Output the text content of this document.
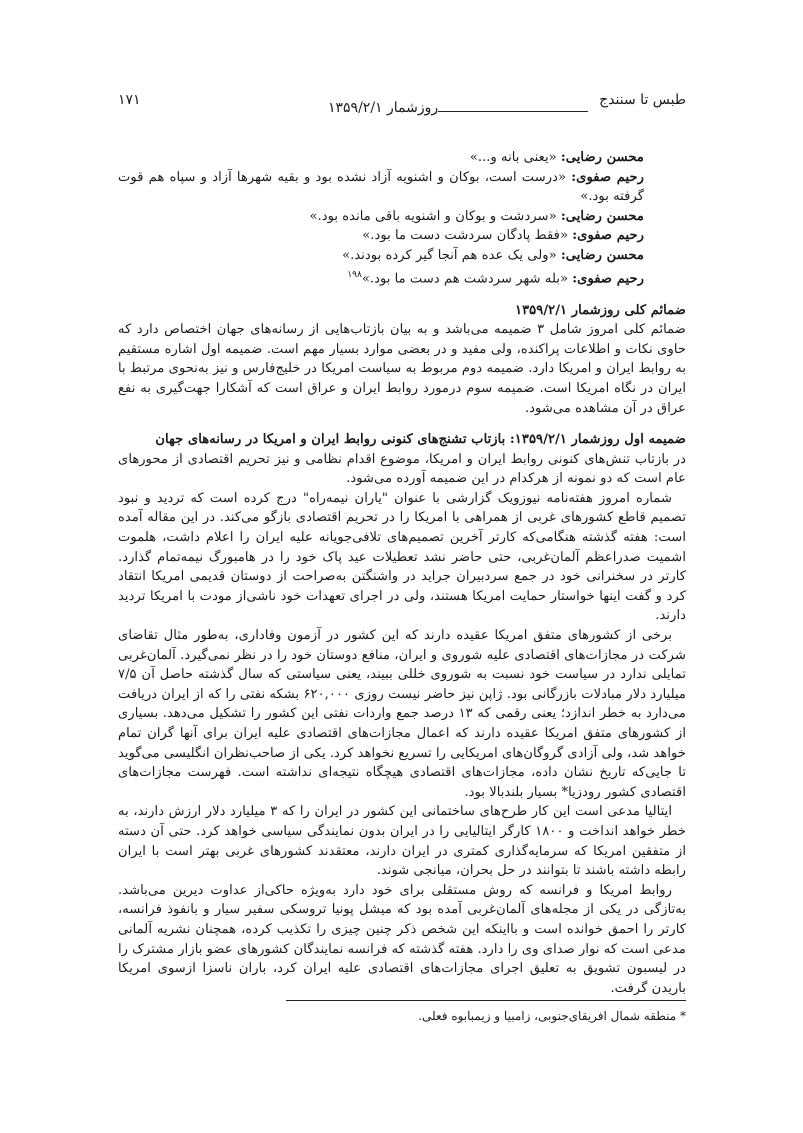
طبس تا سنندج
روزشمار ۱۳۵۹/۲/۱
۱۷۱
محسن رضایی: «یعنی بانه و...»
رحیم صفوی: «درست است، بوکان و اشنویه آزاد نشده بود و بقیه شهرها آزاد و سپاه هم قوت گرفته بود.»
محسن رضایی: «سردشت و بوکان و اشنویه باقی مانده بود.»
رحیم صفوی: «فقط پادگان سردشت دست ما بود.»
محسن رضایی: «ولی یک عده هم آنجا گیر کرده بودند.»
رحیم صفوی: «بله شهر سردشت هم دست ما بود.»$^{۱۹۸}$
ضمائم کلی روزشمار ۱۳۵۹/۲/۱

ضمائم کلی امروز شامل ۳ ضمیمه می‌باشد و به بیان بازتاب‌هایی از رسانه‌های جهان اختصاص دارد که حاوی نکات و اطلاعات پراکنده، ولی مفید و در بعضی موارد بسیار مهم است. ضمیمه اول اشاره مستقیم به روابط ایران و امریکا دارد. ضمیمه دوم مربوط به سیاست امریکا در خلیج‌فارس و نیز به‌نحوی مرتبط با ایران در نگاه امریکا است. ضمیمه سوم درمورد روابط ایران و عراق است که آشکارا جهت‌گیری به نفع عراق در آن مشاهده می‌شود.

ضمیمه اول روزشمار ۱۳۵۹/۲/۱: بازتاب تشنج‌های کنونی روابط ایران و امریکا در رسانه‌های جهان

در بازتاب تنش‌های کنونی روابط ایران و امریکا، موضوع اقدام نظامی و نیز تحریم اقتصادی از محورهای عام است که دو نمونه از هرکدام در این ضمیمه آورده می‌شود.

شماره امروز هفته‌نامه نیوزویک گزارشی با عنوان "یاران نیمه‌راه" درج کرده است که تردید و نبود تصمیم قاطع کشورهای غربی از همراهی با امریکا را در تحریم اقتصادی بازگو می‌کند. در این مقاله آمده است: هفته گذشته هنگامی‌که کارتر آخرین تصمیم‌های تلافی‌جویانه علیه ایران را اعلام داشت، هلموت اشمیت صدراعظم آلمان‌غربی، حتی حاضر نشد تعطیلات عید پاک خود را در هامبورگ نیمه‌تمام گذارد. کارتر در سخنرانی خود در جمع سردبیران جراید در واشنگتن به‌صراحت از دوستان قدیمی امریکا انتقاد کرد و گفت اینها خواستار حمایت امریکا هستند، ولی در اجرای تعهدات خود ناشی‌از مودت با امریکا تردید دارند.

برخی از کشورهای متفق امریکا عقیده دارند که این کشور در آزمون وفاداری، به‌طور مثال تقاضای شرکت در مجازات‌های اقتصادی علیه شوروی و ایران، منافع دوستان خود را در نظر نمی‌گیرد. آلمان‌غربی تمایلی ندارد در سیاست خود نسبت به شوروی خللی ببیند، یعنی سیاستی که سال گذشته حاصل آن ۷/۵ میلیارد دلار مبادلات بازرگانی بود. ژاپن نیز حاضر نیست روزی ۶۲۰,۰۰۰ بشکه نفتی را که از ایران دریافت می‌دارد به خطر اندازد؛ یعنی رقمی که ۱۳ درصد جمع واردات نفتی این کشور را تشکیل می‌دهد. بسیاری از کشورهای متفق امریکا عقیده دارند که اعمال مجازات‌های اقتصادی علیه ایران برای آنها گران تمام خواهد شد، ولی آزادی گروگان‌های امریکایی را تسریع نخواهد کرد. یکی از صاحب‌نظران انگلیسی می‌گوید تا جایی‌که تاریخ نشان داده، مجازات‌های اقتصادی هیچگاه نتیجه‌ای نداشته است. فهرست مجازات‌های اقتصادی کشور رودزیا* بسیار بلندبالا بود.

ایتالیا مدعی است این کار طرح‌های ساختمانی این کشور در ایران را که ۳ میلیارد دلار ارزش دارند، به خطر خواهد انداخت و ۱۸۰۰ کارگر ایتالیایی را در ایران بدون نمایندگی سیاسی خواهد کرد. حتی آن دسته از متفقین امریکا که سرمایه‌گذاری کمتری در ایران دارند، معتقدند کشورهای غربی بهتر است با ایران رابطه داشته باشند تا بتوانند در حل بحران، میانجی شوند.

روابط امریکا و فرانسه که روش مستقلی برای خود دارد به‌ویژه حاکی‌از عداوت دیرین می‌باشد. به‌تازگی در یکی از مجله‌های آلمان‌غربی آمده بود که میشل پونیا تروسکی سفیر سیار و بانفوذ فرانسه، کارتر را احمق خوانده است و بااینکه این شخص ذکر چنین چیزی را تکذیب کرده، همچنان نشریه آلمانی مدعی است که نوار صدای وی را دارد. هفته گذشته که فرانسه نمایندگان کشورهای عضو بازار مشترک را در لیسبون تشویق به تعلیق اجرای مجازات‌های اقتصادی علیه ایران کرد، باران ناسزا ازسوی امریکا باریدن گرفت.

* منطقه شمال افریقای‌جنوبی، زامبیا و زیمبابوه فعلی.
